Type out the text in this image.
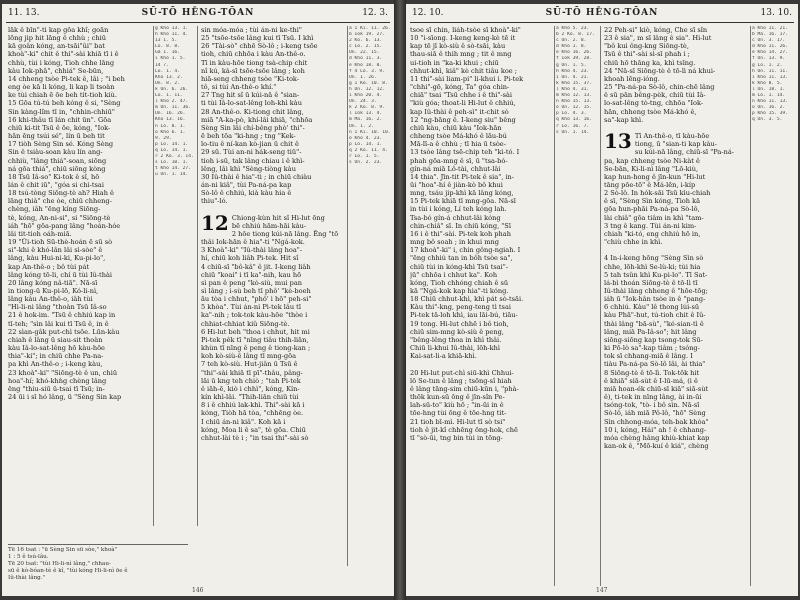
11. 13.	SŪ-TŌ HĒNG-TŌAN	12. 3.
lāk ê bīn"-ti kap gōa khî; goān
lōng jip hit lāng ê chhù ; chiū
kā goân kóng, an-tsāi"ûi" bat
khoà"-ki" chit ê thi"-sài khiā tī i ê
chhù, tùi i kóng, Tioh chhe lāng
kàu Iok-phā", chhiá" Se-būn,
14 chheng tsòe Pi-tek ê, lâi ; "i beh
eng òe kā li kóng, li kap li tsoàn
ke tùi chiah ē ōe beh tit-tioh kiù.
15 Gōa tú-tú beh kóng ê si, "Sèng
Sin kàng-lîm tī in, "chhin-chhiū"
16 khi-thâu tī lán chit ūn". Gōa
chiū ki-tit Tsū ê ōe, kóng, "Iok-
hān ēng tsúi sé", lín ū beh tit
17 tiòh Sèng Sin sé. Kóng Sèng
Sin ê tsiàu-soan kàu lín ang-
chhiù, "lâng thiá"-soan, siōng
ná gōa thiá", chiū siōng kòng
18 Tsū Iâ-so" Ki-tok ê sî, hō
lán ê chit iū", "góa si chi-tsai
18 tsú-tòng Siōng-tè ah? Hiah ê
lāng thià" che òe, chiū chheng-
chèng, iâh "ēng kíng Siōng-
tè, kóng, An-ni-si", si "Siōng-tè
iáh "hō" gōa-pang lâng "hoán-hóe
lâi tit-tioh oáh-miā.
19 "Ûi-tioh Sū-thè-hoán ē sū sò
si"-khi ê khó-lân lâi sì-sòe" ê
lâng, kàu Hui-ni-ki, Ku-pi-lo",
kap An-thê-o ; bô tùi pát
lâng kóng tō-li, chí ū tùi Iû-thài
20 lâng kóng nâ-tiā". Nā-sī
in tiong-ū Ku-pi-lō, Kó-li-nì,
lâng kàu An-thê-o, iâh tùi
"Hi-li-ni lâng "thoàn Tsū Iâ-so
21 ê hok-im. "Tsū ê chhiú kap in
tī-teh; "sìn lâi kui tī Tsū ê, in ê
22 sìan-gâk put-chì tsōe. Lūn-kàu
chiah ê lâng ū siau-sit thoàn
kàu Iâ-lo-sat-lêng hō kàu-hōe
thia"-ki"; in chiū chhe Pa-na-
pa khì An-thê-o ; i-keng kàu,
23 khoà"-ki" "Siōng-tè ê un, chiū
hoa"-hí; khó-khǹg chèng lâng
ēng "thiu-siū ū-tsai tī Tsū; in-
24 ūi i sī hó lâng, ū "Sèng Sin kap
g Kho 13. 1.
h Kho 11. 4.
13 1. 5.
Lō. 8. 8.
Gâ 1. 16.
i Kho 1. 5.
14 7.
Lō. 1. 4.
Kho 13. 2.
Ūn. 8. 2.
k Ūn. 6. 26.
Lō. 1. 11.
l Kho 2. 47.
m Ūn. 11. 36.
Ūn. 16. 26.
Kho 13. 16.
n Lō. 8. 1.
o Kho 6. 1.
9. 29.
p Lō. 14. 1.
q Lō. 14. 1.
r 2 Ko. 3. 14.
s Lō. 10. 1.
t Kho 14. 27.
u Ūn. 1. 14.
sin móa-móa ; tùi án-ni ke-thi"
25 "tsōe-tsōe lâng kui tī Tsū. I khì
26 "Tài-sò" chhē Sò-lô ; i-keng tsōe
tioh, chiū chhōa i kàu An-thê-o.
Tī in kàu-hōe tiong tsà-chip chit
nî kú, kà-sī tsōe-tsōe lâng ; koh
hiā-seng chheng tsòe "Ki-tok-
tô, si tùi An-thê-o khí."
27 Tng hit sî ū kúi-nā ê "sian-
ti tùi Iâ-lo-sat-lêng loh-khì kàu
28 An-thê-o. Ki-tiong chit lâng,
miā "A-ka-pò, khí-lâi khiā, "chhōa
Sèng Sin lâi chí-bêng phò' thi"-
ē beh tōa "ki-hng ; tng "Kek-
lo-tiu ê ní-kan kò-jian ū chit ê
29 sū. Tùi an-ni hák-seng tiū"-
tioh i-sū, tak lâng chiau i ê khì-
lêng, lâi khì "Sèng-tiòng kàu
30 Iû-thài ê hia"-ti ; in chiū chiàu
án-ni kiâ", tùi Pa-ná-pa kap
Sò-lô ê chhiú, kià kàu hia ê
thiu"-ló.

12 Chiong-kùn hit sî Hi-lut ōng
bē chhiú hām-hāi kàu-
2 hōe tiong kúi-nā lâng. Ēng "tō
thâi Iok-hān ê hia"-ti "Ngá-kok.
3 Khoà"-ki" "Iû-thài lâng hoa"-
hí, chiū koh liâh Pi-tek. Hit sî
4 chiū-sī "bô-kâ" ê jit. I-keng liâh
chiū "koai" i tī ka"-nih, kau hō
sì pan ê peng "kò-siù, mui pan
sì lâng ; i-sù beh tī phô' "kè-boeh
āu tòa i chhut, "phô' i hō" peh-si"
5 khòa". Tùi án-ni Pi-tek lâu tī
ka"-nih ; tok-tok kàu-hōe "thòe i
chhiat-chhiat kiû Siōng-tè.
6 Hi-lut beh "thoa i chhut, hit mi
Pi-tek pêk tī "nīng tiâu thih-liān,
khùn tī nīng ê peng ê tiong-kan ;
koh kò-siù-ê lâng tī mng-gōa
7 teh kò-siù. Hut-jiân ū Tsū ê
"thi"-sài khiā tī pī"-thâu, pâng-
lāi ū kng teh chiò ; "tah Pi-tek
ê iāh-ē, kiò i chhì", kóng, Kín-
kín khì-lâi. "Thih-liān chiū tùi
8 i ê chhiú lak-khì. Thi"-sài kā i
kóng, Tiòh hā tòa, "chhēng òe.
I chiū án-ni kiâ". Koh kā i
kóng, Moa li ê sa", tè gōa. Chiū
chhut-lài tè i ; "in tsai thi"-sài sò
a 1 Ki. 11. 26.
b Iok 19. 27.
2 Ko. 6. 13.
c Lō. 2. 15.
Ūn. 22. 15.
d Kho 11. 3.
e Kho 18. 8.
f 4 Lō. 3. 9.
Ūn. 1. 26.
g 1 Ko. 10. 8.
h Ūn. 12. 12.
i Kho 20. 4.
Ūn. 24. 3.
k 2 Ko. 8. 9.
l Iok 13. 4.
m Ma. 16. 2.
Ūn. 1. 2.
n 1 Ki. 10. 10.
o Kho 4. 23.
p Lō. 14. 1.
q 2 Ko. 11. 4.
r Lō. 1. 5.
s Ūn. 2. 23.
Tē 16 tsat : "ū Sèng Sin sū sòe," khoà"
1 : 5 ê tsú-lâu.
Tē 20 tsat: "tùi Hi-li-nì lâng," chhau-
sū ê kò-bóan-tè ê kî, "tùi kóng Hi-li-nì ōe ê
Iû-thài lâng."
146
12. 10.	SŪ-TŌ HĒNG-TŌAN	13. 10.
tsoe sī chin, liáh-tsòe sī khoà"-ki"
10 "i-sīong. I-keng keng-kè tē it
kap tē jī kò-siù ê sò-tsāi, kàu
thau-siā ê thih mng ; tit ê mng
ui-tioh in "ka-ki khui ; chiū
chhut-khì, kiâ" kè chit tiâu koe ;
11 thi"-sài liam-pi" li-khui i. Pi-tek
"chhi"-gō, kóng, Ta" góa chin-
chiā" tsai "Tsū chhe i ê thi"-sài
"kiù góa; thoat-li Hi-lut ê chhiú,
kap Iû-thài ê peh-sì" it-chit sò
12 "ng-bāng ê. I-keng siu" bêng
chiū kàu, chiū kàu "Iok-hān
chheng tsòe Má-khó ê lāu-bú
Mā-lī-a ê chhù ; tī hia ū tsòe-
13 tsòe lâng tsē-chip teh "ki-tó. I
phah gōa-mng ê sī, ū "tsa-bó-
gín-ná miā Lô-tài, chhut-lâi
14 thia". Jīn-tit Pi-tek ê sia", in-
ūi "hoa"-hí ê jiàn-kò bô khui
mng, tsáu jip-khì kā lâng kóng,
15 Pi-tek khiā tī mng-gōa. Nā-sī
in tùi i kóng, Lí teh kóng lah.
Tsa-bó gín-á chhut-lâi kóng
chin-chiâ" sī. In chiū kóng, "Sī
16 i ê thi"-sài. Pi-tek koh phah
mng bô soah ; in khui mng
17 khoà"-ki" i, chin gông-ngiah. I
"ēng chhiú tan in bôh tsòe sa",
chiū tùi in kóng-khì Tsū tsai"-
jū" chhōa i chhut ka". Koh
kóng, Tioh chhóng chiah ê sū
kā "Ngá-kok kap hia"-ti kóng.
18 Chiū chhut-khì, khì pát sò-tsāi.
Kàu thi"-kng, peng-teng tì tsai
Pi-tek tā-loh khì, iau lāi-bú, tiāu-
19 tong. Hi-lut chhē i bô tioh,
chiū sim-mng kò-siù ê peng,
"bêng-lêng thoa in khì thâi.
Chiū li-khui Iû-thài, lōh-khì
Kai-sat-li-a khiā-khì.

20 Hi-lut put-chì siū-khì Chhui-
lō Se-tun ê lâng ; tsōng-sî hiah
ê lâng tāng-sim chiū-kūn i, "phà-
thōk kun-sū ōng ê jīn-sîn Pe-
lah-sū-to" kiù hō ; "in-ūi in ê
tōe-hng tùi ōng ê tōe-hng tit-
21 tioh bī-mì. Hi-lut tī sò tsi"
tioh ê jit-kî chhēng ōng-hok, chē
tī "sò-ūi, tng bin tùi in tōng-
a Kho 5. 23.
b 2 Ko. 8. 17.
c Ūn. 2. 8.
d Kho 1. 8.
e Kho 16. 26.
f Iōk 39. 28.
g Ūn. 1. 5.
h Kho 4. 23.
i Ūn. 4. 21.
k Kho 15. 37.
l Kho 4. 31.
m Kho 12. 13.
n Kho 15. 13.
o Ūn. 12. 15.
p Lō. 4. 3.
q Kho 13. 16.
r Lō. 16. 7.
s Ūn. 1. 14.
22 Peh-si" kiò, kóng, Che sī sîn
23 ê sia", m sī lâng ê sia". Hi-lut
"bô kui ông-kng Siōng-tè,
Tsū ê thi"-sài sì-sī phah i ;
chiū hō thāng ka, khì tsīng.
24 "Nā-sī Siōng-tè ê tō-lì ná khui-
khoah lēng-ióng.
25 "Pa-ná-pa Sò-lô, chin-chē lâng
ê sū pān bêng-pèk, chiū tùi Iâ-
lo-sat-lêng tò-tng, chhōa "Iok-
hān, chheng tsòe Má-khó ê,
sa"-kap khì.

13 Tī An-thê-o, tī kàu-hōe
tiong, ū "sian-ti kap kàu-
su kúi-nā lâng, chiū-sī "Pa-ná-
pa, kap chheng tsòe Ni-kàt ê
Se-bān, Ki-li-nì lâng "Lō-kiù,
kap hun-hong ê jīn-kun "Hi-lut
tāng pōe-tō" ê Má-lēn, i-kíp
2 Sò-lô. In hók-sāi Tsū kìu-chiah
ê sī, "Sèng Sìn kóng, Tioh kā
gōa hun-phāi Pa-ná-pa Sò-lô,
lài chiâ" gōa tiâm in khì "tam-
3 tng ê kang. Tùi án-ni kim-
chiah "ki-tó, eng chhiú hō in,
"chiù chhe in khì.

4 In-i-keng hōng "Sèng Sìn sò
chhe, lōh-khì Se-lù-ki; tùi hia
5 tah tsûn khì Ku-pi-lo". Tī Sat-
lá-bì thoán Siōng-tè ê tō-lì tī
Iû-thài lâng chheng ê "hōe-tōg;
iáh ū "Iok-hân tsòe in ê "pang-
6 chhiú. Kàu" lê thong lúi-sū
kàu Phā"-hut, tú-tioh chit ê Iû-
thài lâng "bā-sù", "ké-sian-tì ê
lâng, miā Pa-Iâ-so"; hit lâng
siōng-siōng kap tsong-tok Sū-
ki Pō-lò sa"-kap tiâm ; tsóng-
tok sī chhang-miā ê lâng. I
tiàu Pa-ná-pa Sò-lô lâi, ài thia"
8 Siōng-tè ê tō-lì. Tok-tōk hit
ê khiā" siā-sùt ê I-lū-má, (i ê
miā hoan-ék chiū-sī kiā" siā-sùt
ê), ti-tek in nīng lâng, ài in-ūi
tsóng-tok, "tò- i bô sìn. Nā-sī
Sò-lô, iáh miā Pô-lô, "hō" Sèng
Sìn chhong-móa, teh-bak khòa"
10 i, kóng, Hái" ah ! ê chhang-
móa chèng hâng khiù-khiat kap
kan-ok ê, "Mō-kuí ê kiá", chèng
a Kho 11. 21.
b Ma. 16. 17.
c Ūn. 3. 17.
d Kho 11. 26.
e Kho 14. 27.
f Ūn. 13. 9.
g Lō. 1. 2.
h Ūn. 11. 11.
i Kho 11. 13.
k Kho 8. 5.
l Ūn. 18. 1.
m Lō. 1. 14.
n Kho 11. 13.
o Ūn. 16. 2.
p Kho 15. 39.
q Ūn. 3. 5.
147
